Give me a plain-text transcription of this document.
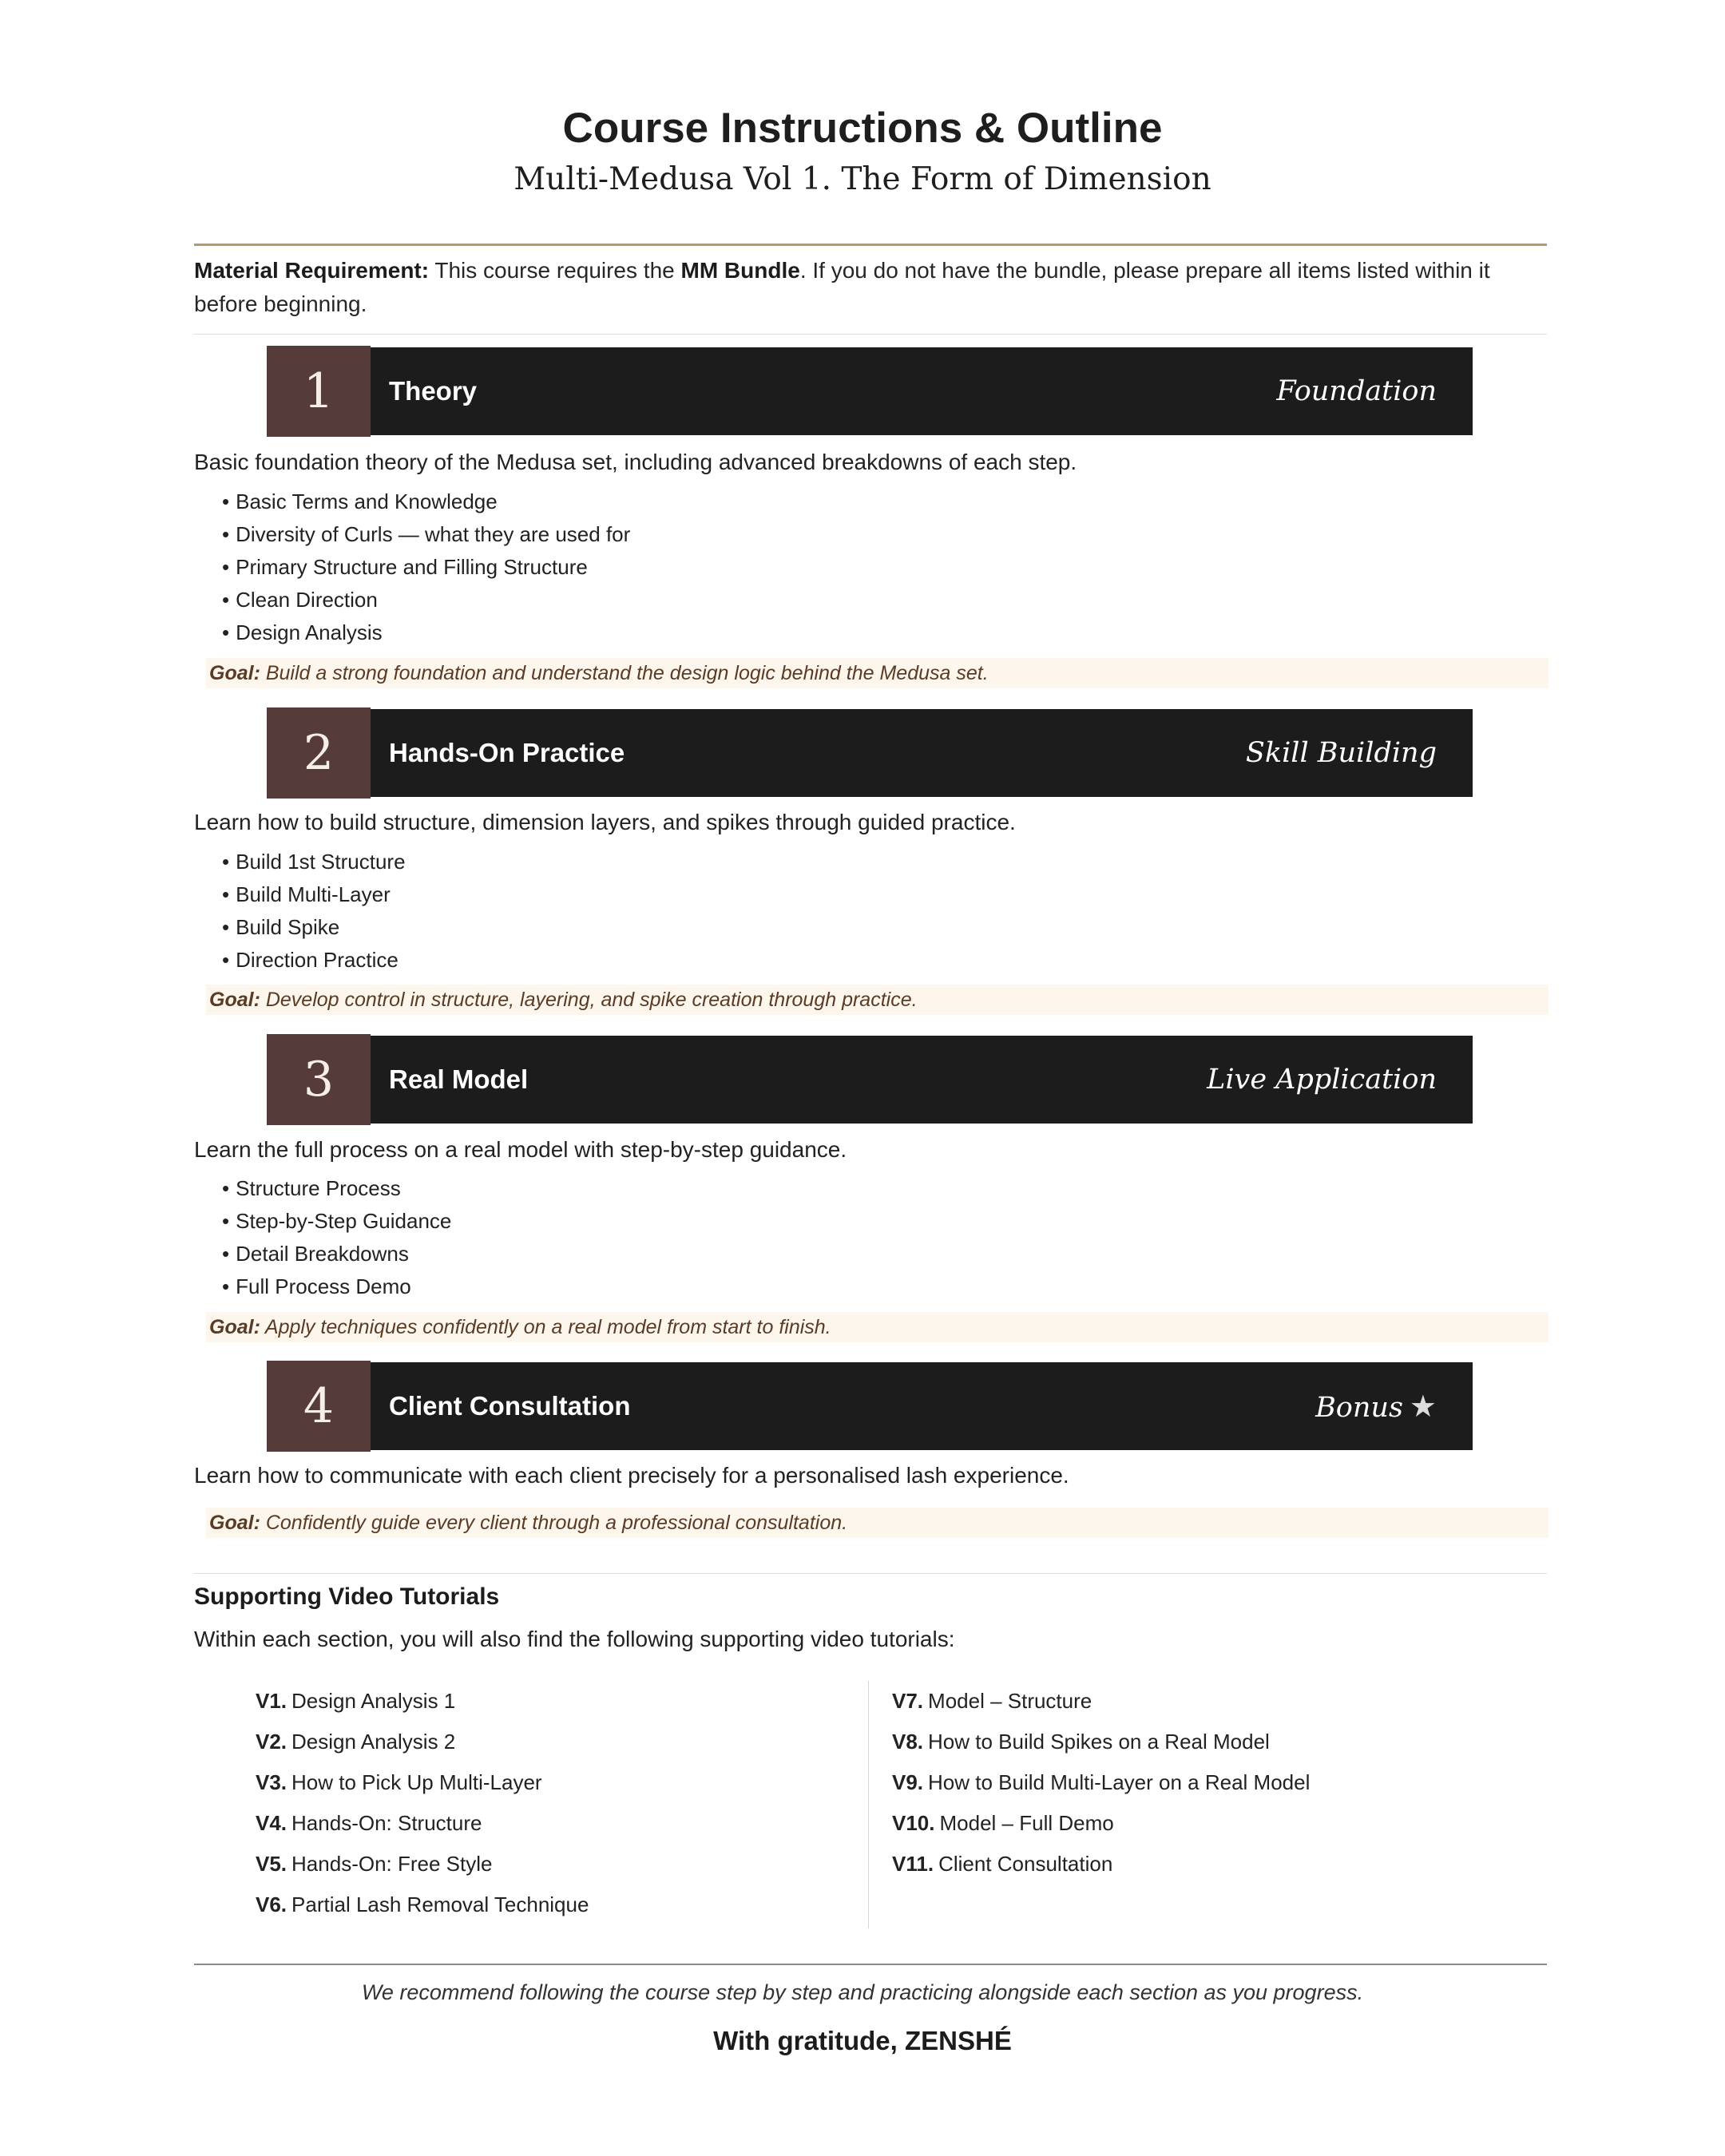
Course Instructions & Outline
Multi-Medusa Vol 1. The Form of Dimension
Material Requirement: This course requires the MM Bundle. If you do not have the bundle, please prepare all items listed within it before beginning.
1	Theory	Foundation
Basic foundation theory of the Medusa set, including advanced breakdowns of each step.
• Basic Terms and Knowledge
• Diversity of Curls — what they are used for
• Primary Structure and Filling Structure
• Clean Direction
• Design Analysis
Goal: Build a strong foundation and understand the design logic behind the Medusa set.
2	Hands-On Practice	Skill Building
Learn how to build structure, dimension layers, and spikes through guided practice.
• Build 1st Structure
• Build Multi-Layer
• Build Spike
• Direction Practice
Goal: Develop control in structure, layering, and spike creation through practice.
3	Real Model	Live Application
Learn the full process on a real model with step-by-step guidance.
• Structure Process
• Step-by-Step Guidance
• Detail Breakdowns
• Full Process Demo
Goal: Apply techniques confidently on a real model from start to finish.
4	Client Consultation	Bonus ★
Learn how to communicate with each client precisely for a personalised lash experience.
Goal: Confidently guide every client through a professional consultation.
Supporting Video Tutorials
Within each section, you will also find the following supporting video tutorials:
V1. Design Analysis 1
V2. Design Analysis 2
V3. How to Pick Up Multi-Layer
V4. Hands-On: Structure
V5. Hands-On: Free Style
V6. Partial Lash Removal Technique
V7. Model – Structure
V8. How to Build Spikes on a Real Model
V9. How to Build Multi-Layer on a Real Model
V10. Model – Full Demo
V11. Client Consultation
We recommend following the course step by step and practicing alongside each section as you progress.
With gratitude, ZENSHÉ
